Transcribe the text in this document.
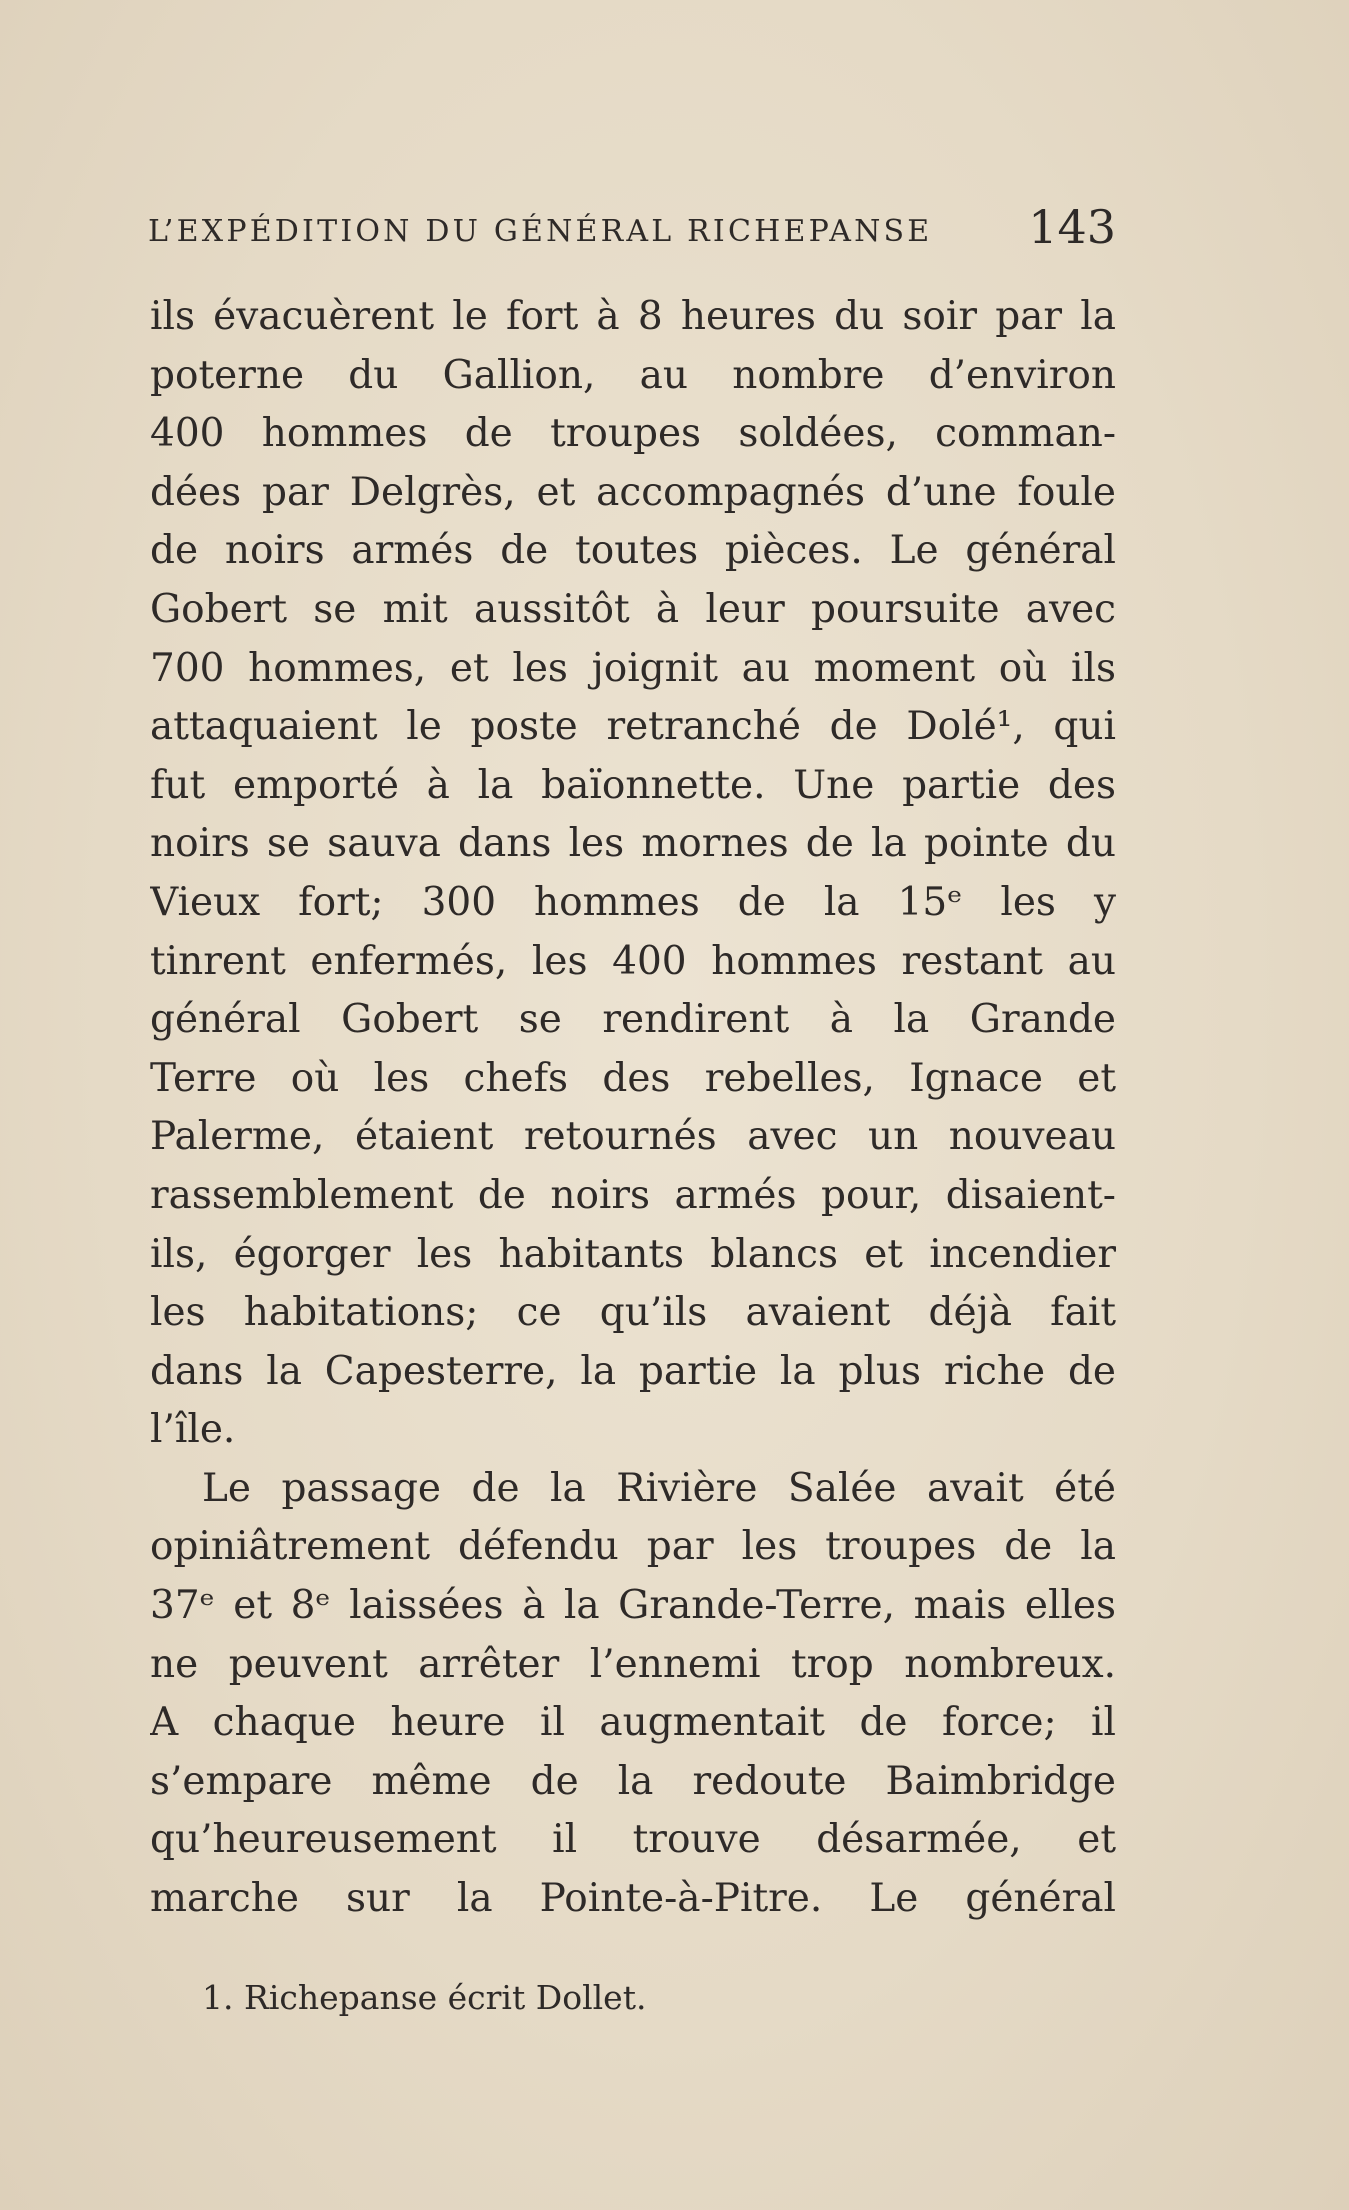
L’EXPÉDITION DU GÉNÉRAL RICHEPANSE 143
ils évacuèrent le fort à 8 heures du soir par la
poterne du Gallion, au nombre d’environ
400 hommes de troupes soldées, comman-
dées par Delgrès, et accompagnés d’une foule
de noirs armés de toutes pièces. Le général
Gobert se mit aussitôt à leur poursuite avec
700 hommes, et les joignit au moment où ils
attaquaient le poste retranché de Dolé¹, qui
fut emporté à la baïonnette. Une partie des
noirs se sauva dans les mornes de la pointe du
Vieux fort; 300 hommes de la 15ᵉ les y
tinrent enfermés, les 400 hommes restant au
général Gobert se rendirent à la Grande
Terre où les chefs des rebelles, Ignace et
Palerme, étaient retournés avec un nouveau
rassemblement de noirs armés pour, disaient-
ils, égorger les habitants blancs et incendier
les habitations; ce qu’ils avaient déjà fait
dans la Capesterre, la partie la plus riche de
l’île.
Le passage de la Rivière Salée avait été
opiniâtrement défendu par les troupes de la
37ᵉ et 8ᵉ laissées à la Grande-Terre, mais elles
ne peuvent arrêter l’ennemi trop nombreux.
A chaque heure il augmentait de force; il
s’empare même de la redoute Baimbridge
qu’heureusement il trouve désarmée, et
marche sur la Pointe-à-Pitre. Le général
1. Richepanse écrit Dollet.
